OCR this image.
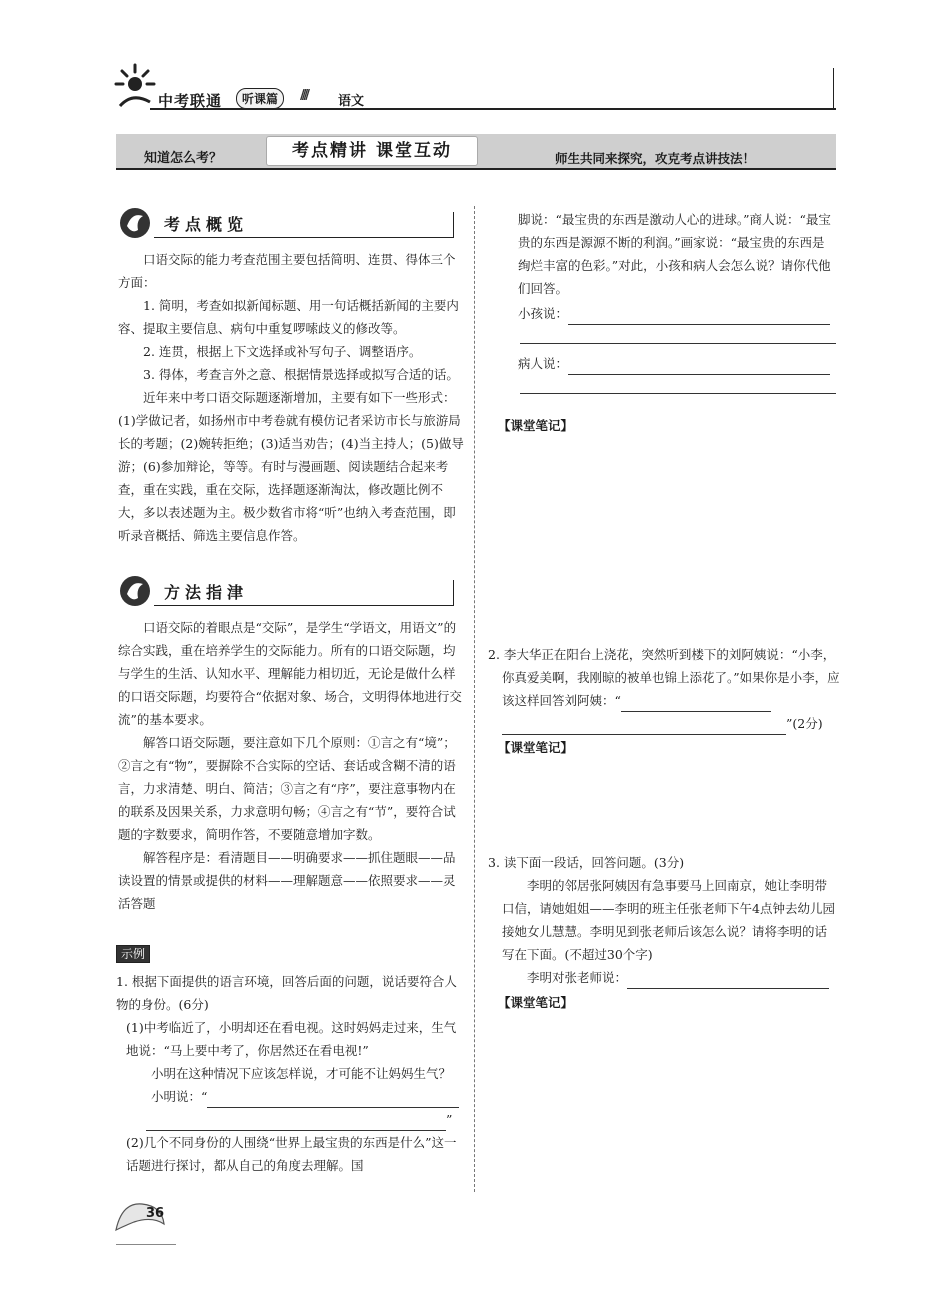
中考联通	听课篇	//// 语文
知道怎么考？	考点精讲 课堂互动	师生共同来探究，攻克考点讲技法！
考点概览

口语交际的能力考查范围主要包括简明、连贯、得体三个方面：

1. 简明，考查如拟新闻标题、用一句话概括新闻的主要内容、提取主要信息、病句中重复啰嗦歧义的修改等。

2. 连贯，根据上下文选择或补写句子、调整语序。

3. 得体，考查言外之意、根据情景选择或拟写合适的话。

近年来中考口语交际题逐渐增加，主要有如下一些形式：(1)学做记者，如扬州市中考卷就有模仿记者采访市长与旅游局长的考题；(2)婉转拒绝；(3)适当劝告；(4)当主持人；(5)做导游；(6)参加辩论，等等。有时与漫画题、阅读题结合起来考查，重在实践，重在交际，选择题逐渐淘汰，修改题比例不大，多以表述题为主。极少数省市将“听”也纳入考查范围，即听录音概括、筛选主要信息作答。

方法指津

口语交际的着眼点是“交际”，是学生“学语文，用语文”的综合实践，重在培养学生的交际能力。所有的口语交际题，均与学生的生活、认知水平、理解能力相切近，无论是做什么样的口语交际题，均要符合“依据对象、场合，文明得体地进行交流”的基本要求。

解答口语交际题，要注意如下几个原则：①言之有“境”；②言之有“物”，要摒除不合实际的空话、套话或含糊不清的语言，力求清楚、明白、简洁；③言之有“序”，要注意事物内在的联系及因果关系，力求意明句畅；④言之有“节”，要符合试题的字数要求，简明作答，不要随意增加字数。

解答程序是：看清题目——明确要求——抓住题眼——品读设置的情景或提供的材料——理解题意——依照要求——灵活答题

示例

1. 根据下面提供的语言环境，回答后面的问题，说话要符合人物的身份。(6分)

(1)中考临近了，小明却还在看电视。这时妈妈走过来，生气地说：“马上要中考了，你居然还在看电视!”

小明在这种情况下应该怎样说，才可能不让妈妈生气？

小明说：“

”

(2)几个不同身份的人围绕“世界上最宝贵的东西是什么”这一话题进行探讨，都从自己的角度去理解。国

脚说：“最宝贵的东西是激动人心的进球。”商人说：“最宝贵的东西是源源不断的利润。”画家说：“最宝贵的东西是绚烂丰富的色彩。”对此，小孩和病人会怎么说？请你代他们回答。

小孩说：

病人说：

【课堂笔记】

2. 李大华正在阳台上浇花，突然听到楼下的刘阿姨说：“小李，你真爱美啊，我刚晾的被单也锦上添花了。”如果你是小李，应该这样回答刘阿姨：“

”(2分)

【课堂笔记】

3. 读下面一段话，回答问题。(3分)

李明的邻居张阿姨因有急事要马上回南京，她让李明带口信，请她姐姐——李明的班主任张老师下午4点钟去幼儿园接她女儿慧慧。李明见到张老师后该怎么说？请将李明的话写在下面。(不超过30个字)

李明对张老师说：

【课堂笔记】
36
